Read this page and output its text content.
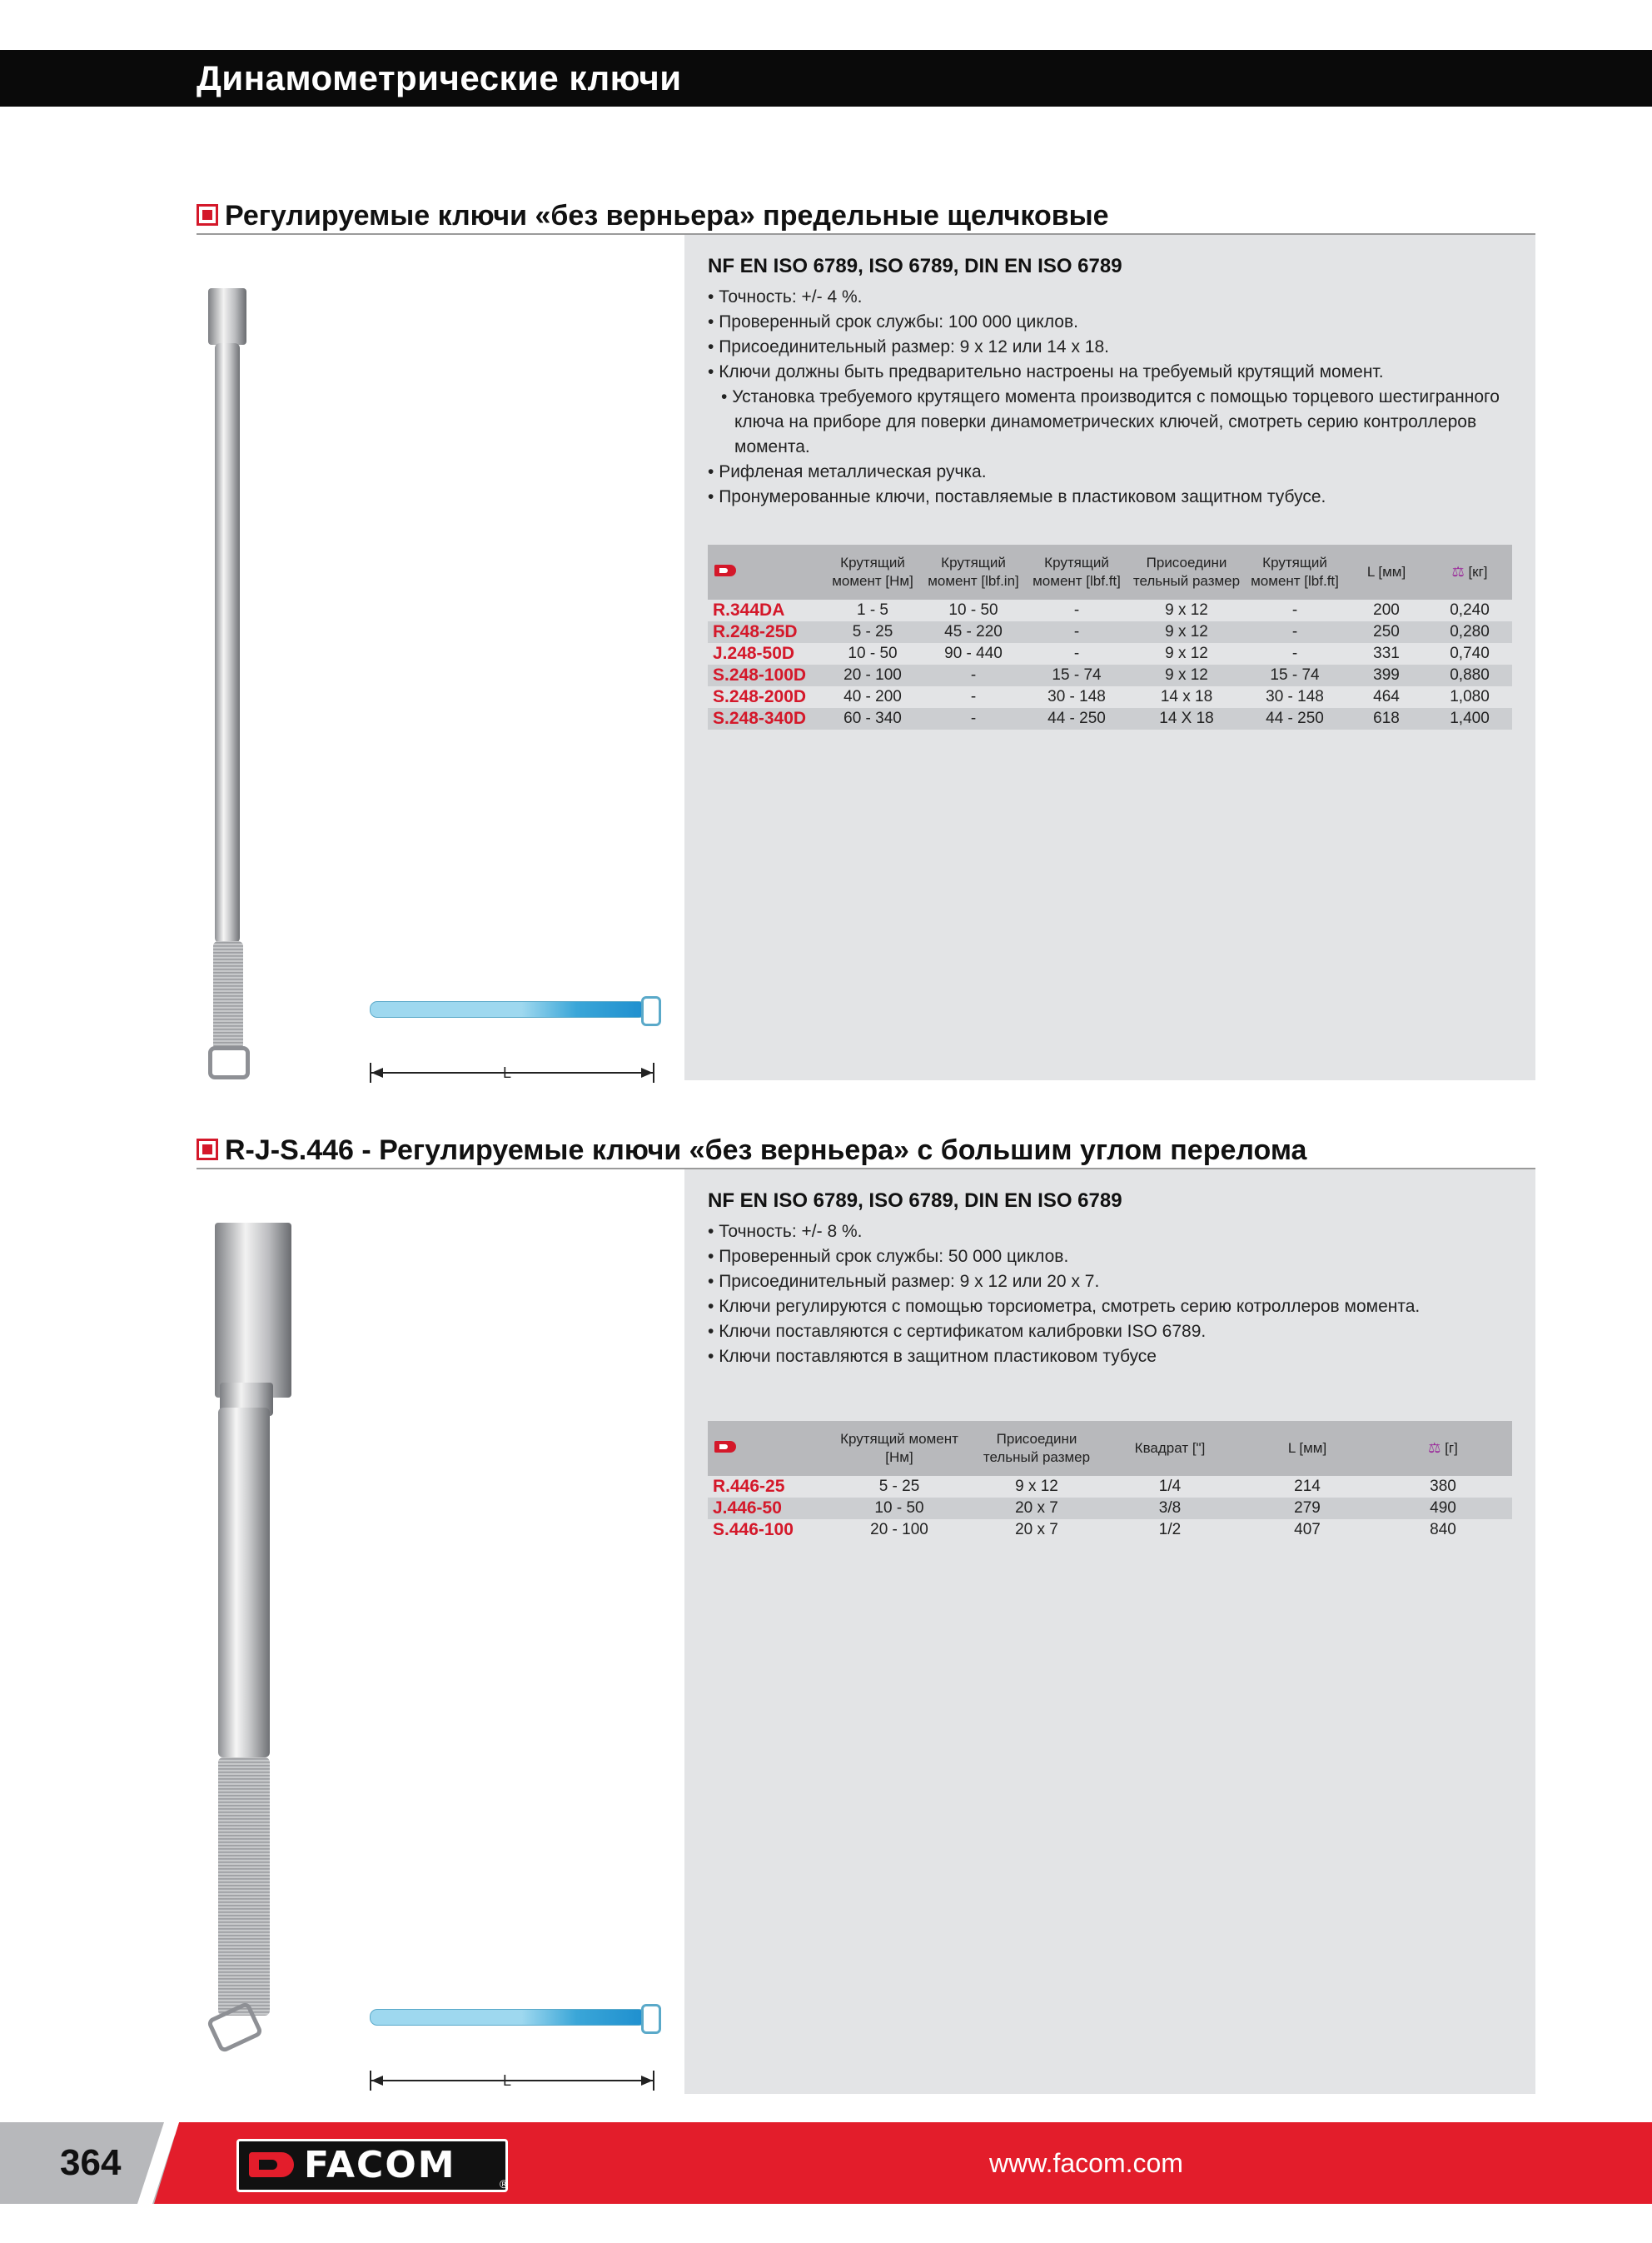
Динамометрические ключи
Регулируемые ключи «без верньера» предельные щелчковые
L
NF EN ISO 6789, ISO 6789, DIN EN ISO 6789
• Точность: +/- 4 %.
• Проверенный срок службы: 100 000 циклов.
• Присоединительный размер: 9 x 12 или 14 x 18.
• Ключи должны быть предварительно настроены на требуемый крутящий момент.
• Установка требуемого крутящего момента производится с помощью торцевого шестигранного ключа на приборе для поверки динамометрических ключей, смотреть серию контроллеров момента.
• Рифленая металлическая ручка.
• Пронумерованные ключи, поставляемые в пластиковом защитном тубусе.
	Крутящий момент [Нм]	Крутящий момент [lbf.in]	Крутящий момент [lbf.ft]	Присоедини тельный размер	Крутящий момент [lbf.ft]	L [мм]	⚖ [кг]
R.344DA	1 - 5	10 - 50	-	9 x 12	-	200	0,240
R.248-25D	5 - 25	45 - 220	-	9 x 12	-	250	0,280
J.248-50D	10 - 50	90 - 440	-	9 x 12	-	331	0,740
S.248-100D	20 - 100	-	15 - 74	9 x 12	15 - 74	399	0,880
S.248-200D	40 - 200	-	30 - 148	14 x 18	30 - 148	464	1,080
S.248-340D	60 - 340	-	44 - 250	14 X 18	44 - 250	618	1,400
R-J-S.446 - Регулируемые ключи «без верньера» с большим углом перелома
L
NF EN ISO 6789, ISO 6789, DIN EN ISO 6789
• Точность: +/- 8 %.
• Проверенный срок службы: 50 000 циклов.
• Присоединительный размер: 9 x 12 или 20 x 7.
• Ключи регулируются с помощью торсиометра, смотреть серию котроллеров момента.
• Ключи поставляются с сертификатом калибровки ISO 6789.
• Ключи поставляются в защитном пластиковом тубусе
	Крутящий момент [Нм]	Присоедини тельный размер	Квадрат ["]	L [мм]	⚖ [г]
R.446-25	5 - 25	9 x 12	1/4	214	380
J.446-50	10 - 50	20 x 7	3/8	279	490
S.446-100	20 - 100	20 x 7	1/2	407	840
364	FACOM	®
www.facom.com
